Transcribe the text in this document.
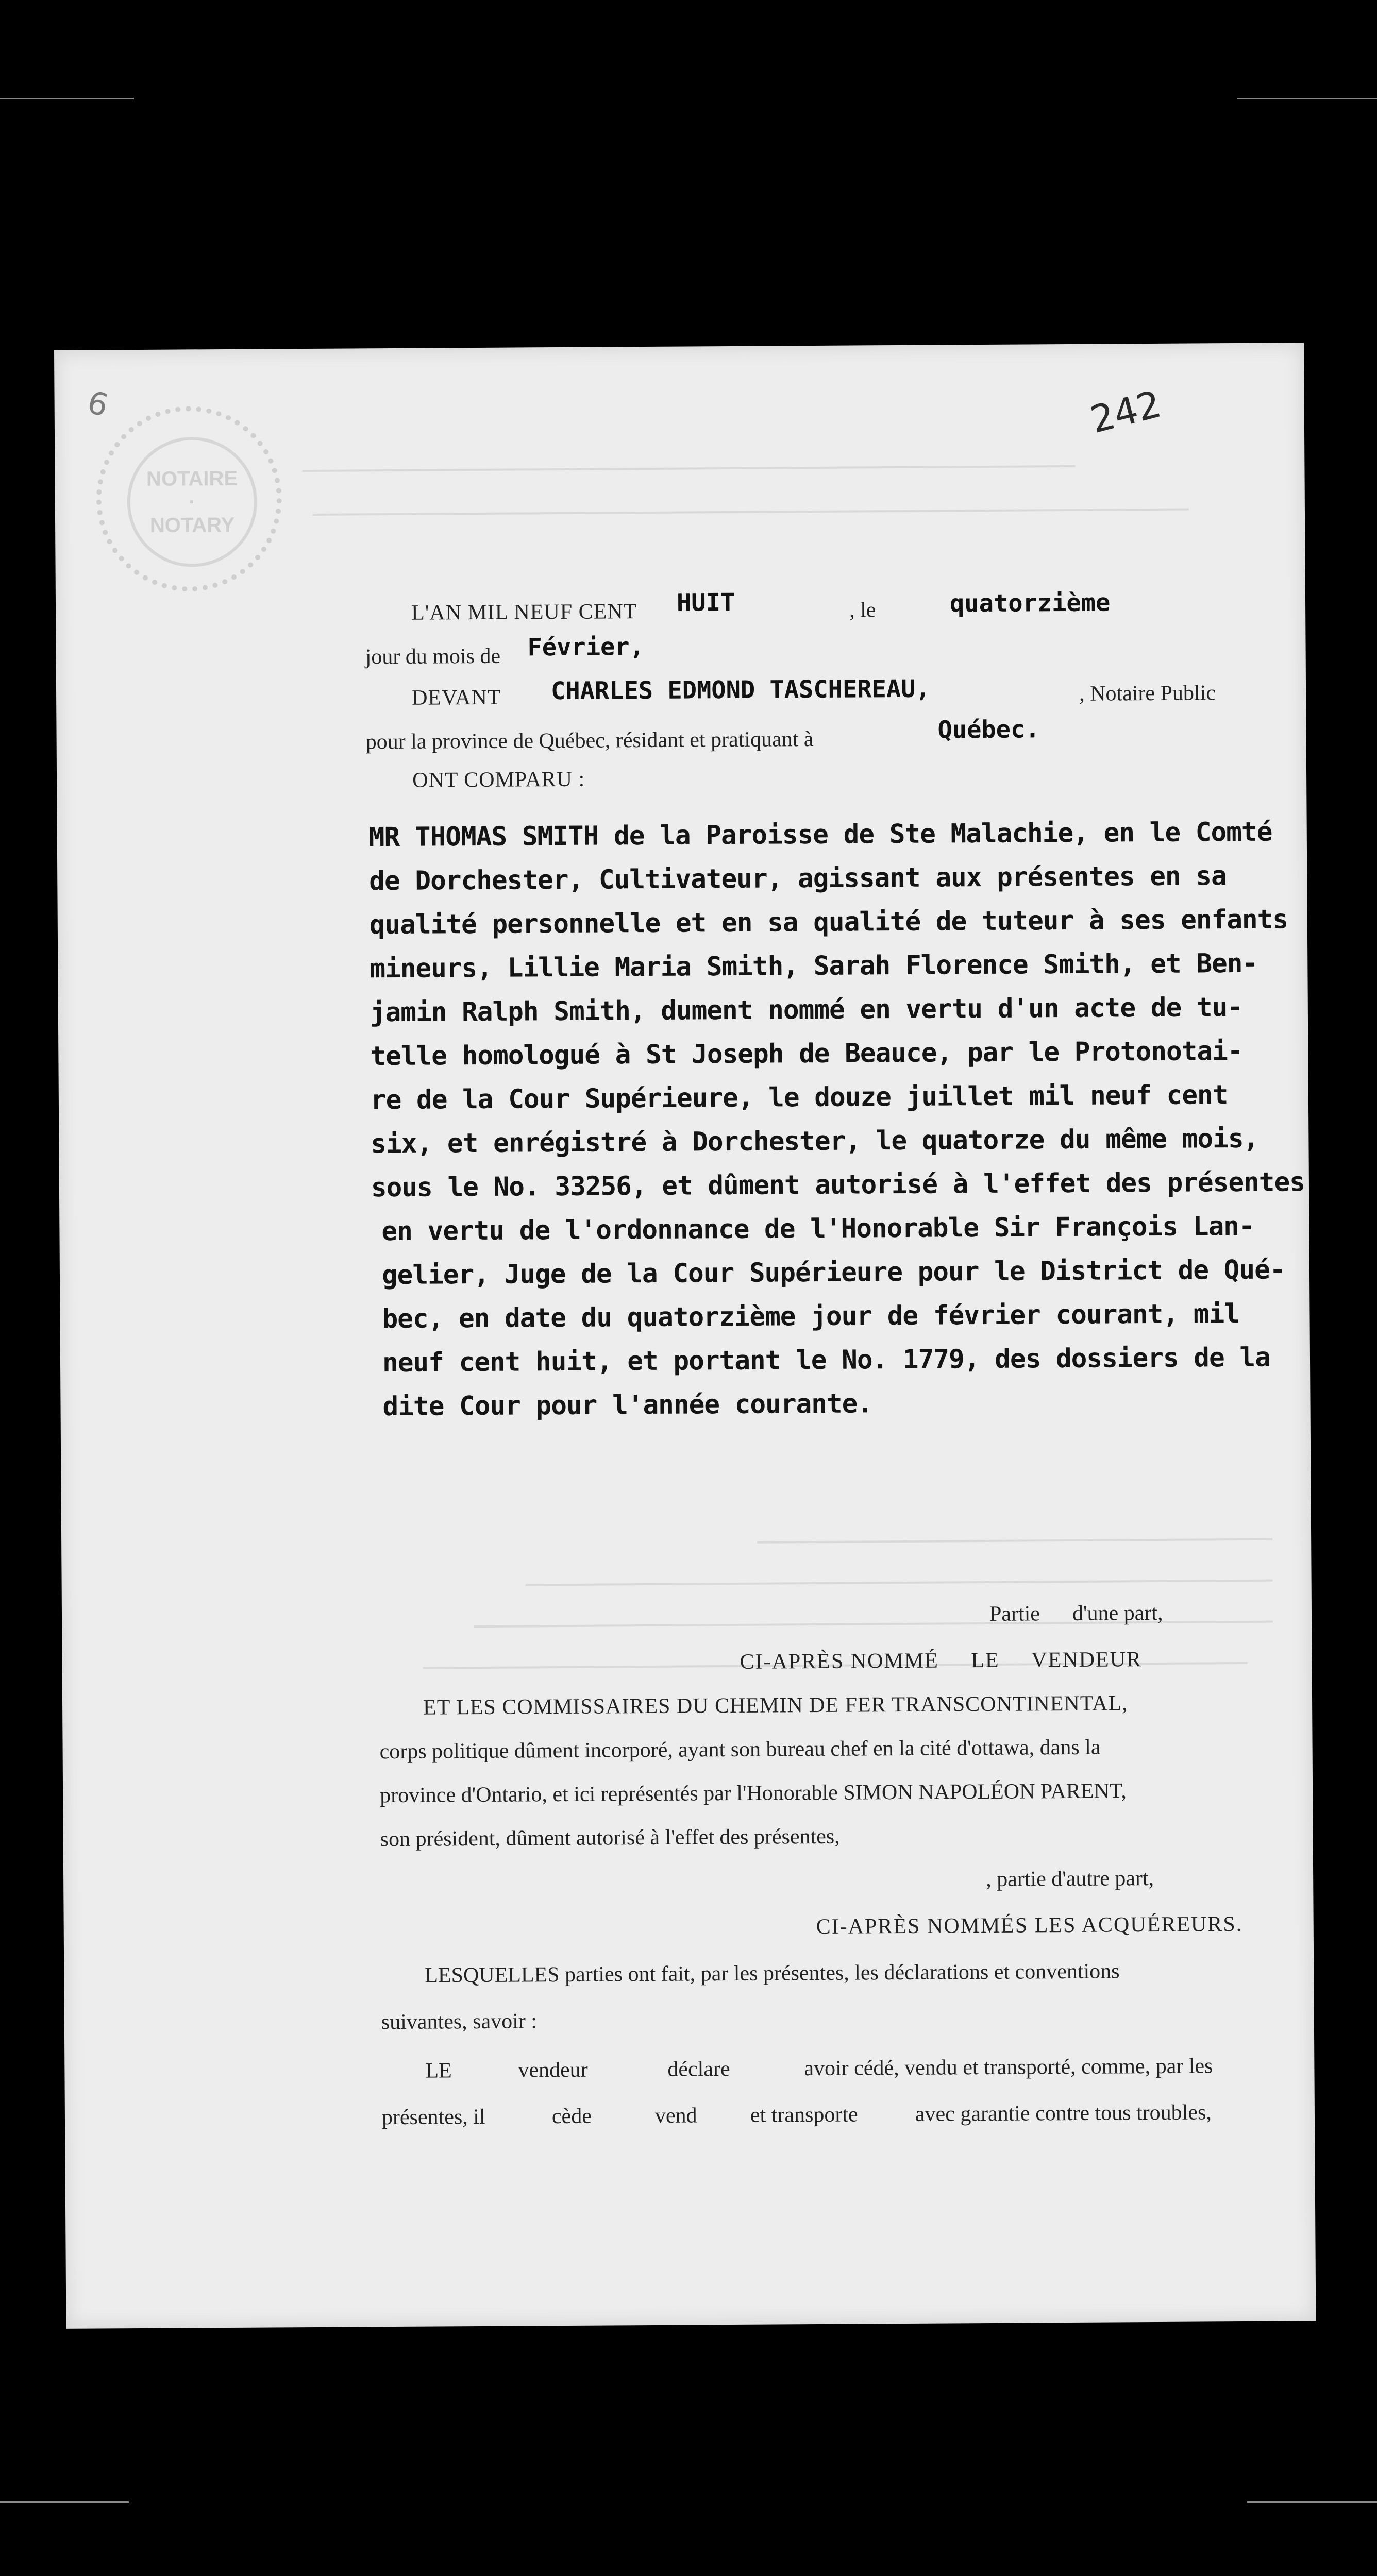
6
NOTAIRE
·
NOTARY
242
L'AN MIL NEUF CENT HUIT	, le	quatorzième
jour du mois de Février,
DEVANT CHARLES EDMOND TASCHEREAU,	, Notaire Public
pour la province de Québec, résidant et pratiquant à	Québec.
ONT COMPARU :
MR THOMAS SMITH de la Paroisse de Ste Malachie, en le Comté
de Dorchester, Cultivateur, agissant aux présentes en sa
qualité personnelle et en sa qualité de tuteur à ses enfants
mineurs, Lillie Maria Smith, Sarah Florence Smith, et Ben-
jamin Ralph Smith, dument nommé en vertu d'un acte de tu-
telle homologué à St Joseph de Beauce, par le Protonotai-
re de la Cour Supérieure, le douze juillet mil neuf cent
six, et enrégistré à Dorchester, le quatorze du même mois,
sous le No. 33256, et dûment autorisé à l'effet des présentes
en vertu de l'ordonnance de l'Honorable Sir François Lan-
gelier, Juge de la Cour Supérieure pour le District de Qué-
bec, en date du quatorzième jour de février courant, mil
neuf cent huit, et portant le No. 1779, des dossiers de la
dite Cour pour l'année courante.
Partie      d'une part,
CI-APRÈS NOMMÉ     LE     VENDEUR
ET LES COMMISSAIRES DU CHEMIN DE FER TRANSCONTINENTAL,
corps politique dûment incorporé, ayant son bureau chef en la cité d'ottawa, dans la
province d'Ontario, et ici représentés par l'Honorable SIMON NAPOLÉON PARENT,
son président, dûment autorisé à l'effet des présentes,
, partie d'autre part,
CI-APRÈS NOMMÉS LES ACQUÉREURS.
LESQUELLES parties ont fait, par les présentes, les déclarations et conventions
suivantes, savoir :
LE	vendeur	déclare	avoir cédé, vendu et transporté, comme, par les
présentes, il	cède	vend et transporte	avec garantie contre tous troubles,
